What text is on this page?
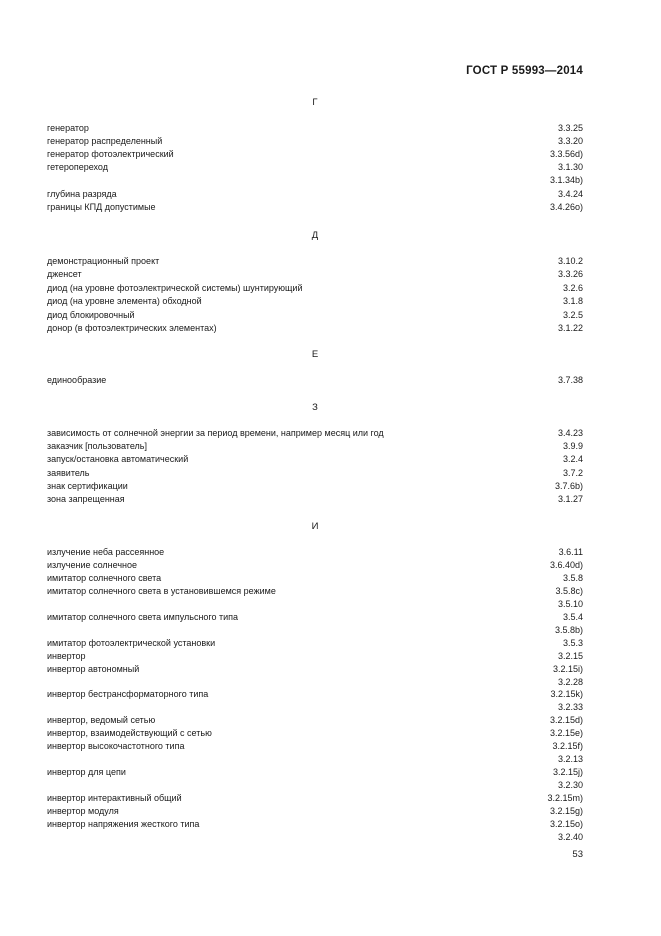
ГОСТ Р 55993—2014
Г
генератор	3.3.25
генератор распределенный	3.3.20
генератор фотоэлектрический	3.3.56d)
гетеропереход	3.1.30
3.1.34b)
глубина разряда	3.4.24
границы КПД допустимые	3.4.26o)
Д
демонстрационный проект	3.10.2
дженсет	3.3.26
диод (на уровне фотоэлектрической системы) шунтирующий	3.2.6
диод (на уровне элемента) обходной	3.1.8
диод блокировочный	3.2.5
донор (в фотоэлектрических элементах)	3.1.22
Е
единообразие	3.7.38
З
зависимость от солнечной энергии за период времени, например месяц или год	3.4.23
заказчик [пользователь]	3.9.9
запуск/остановка автоматический	3.2.4
заявитель	3.7.2
знак сертификации	3.7.6b)
зона запрещенная	3.1.27
И
излучение неба рассеянное	3.6.11
излучение солнечное	3.6.40d)
имитатор солнечного света	3.5.8
имитатор солнечного света в установившемся режиме	3.5.8c)
3.5.10
имитатор солнечного света импульсного типа	3.5.4
3.5.8b)
имитатор фотоэлектрической установки	3.5.3
инвертор	3.2.15
инвертор автономный	3.2.15i)
3.2.28
инвертор бестрансформаторного типа	3.2.15k)
3.2.33
инвертор, ведомый сетью	3.2.15d)
инвертор, взаимодействующий с сетью	3.2.15e)
инвертор высокочастотного типа	3.2.15f)
3.2.13
инвертор для цепи	3.2.15j)
3.2.30
инвертор интерактивный общий	3.2.15m)
инвертор модуля	3.2.15g)
инвертор напряжения жесткого типа	3.2.15o)
3.2.40
53
